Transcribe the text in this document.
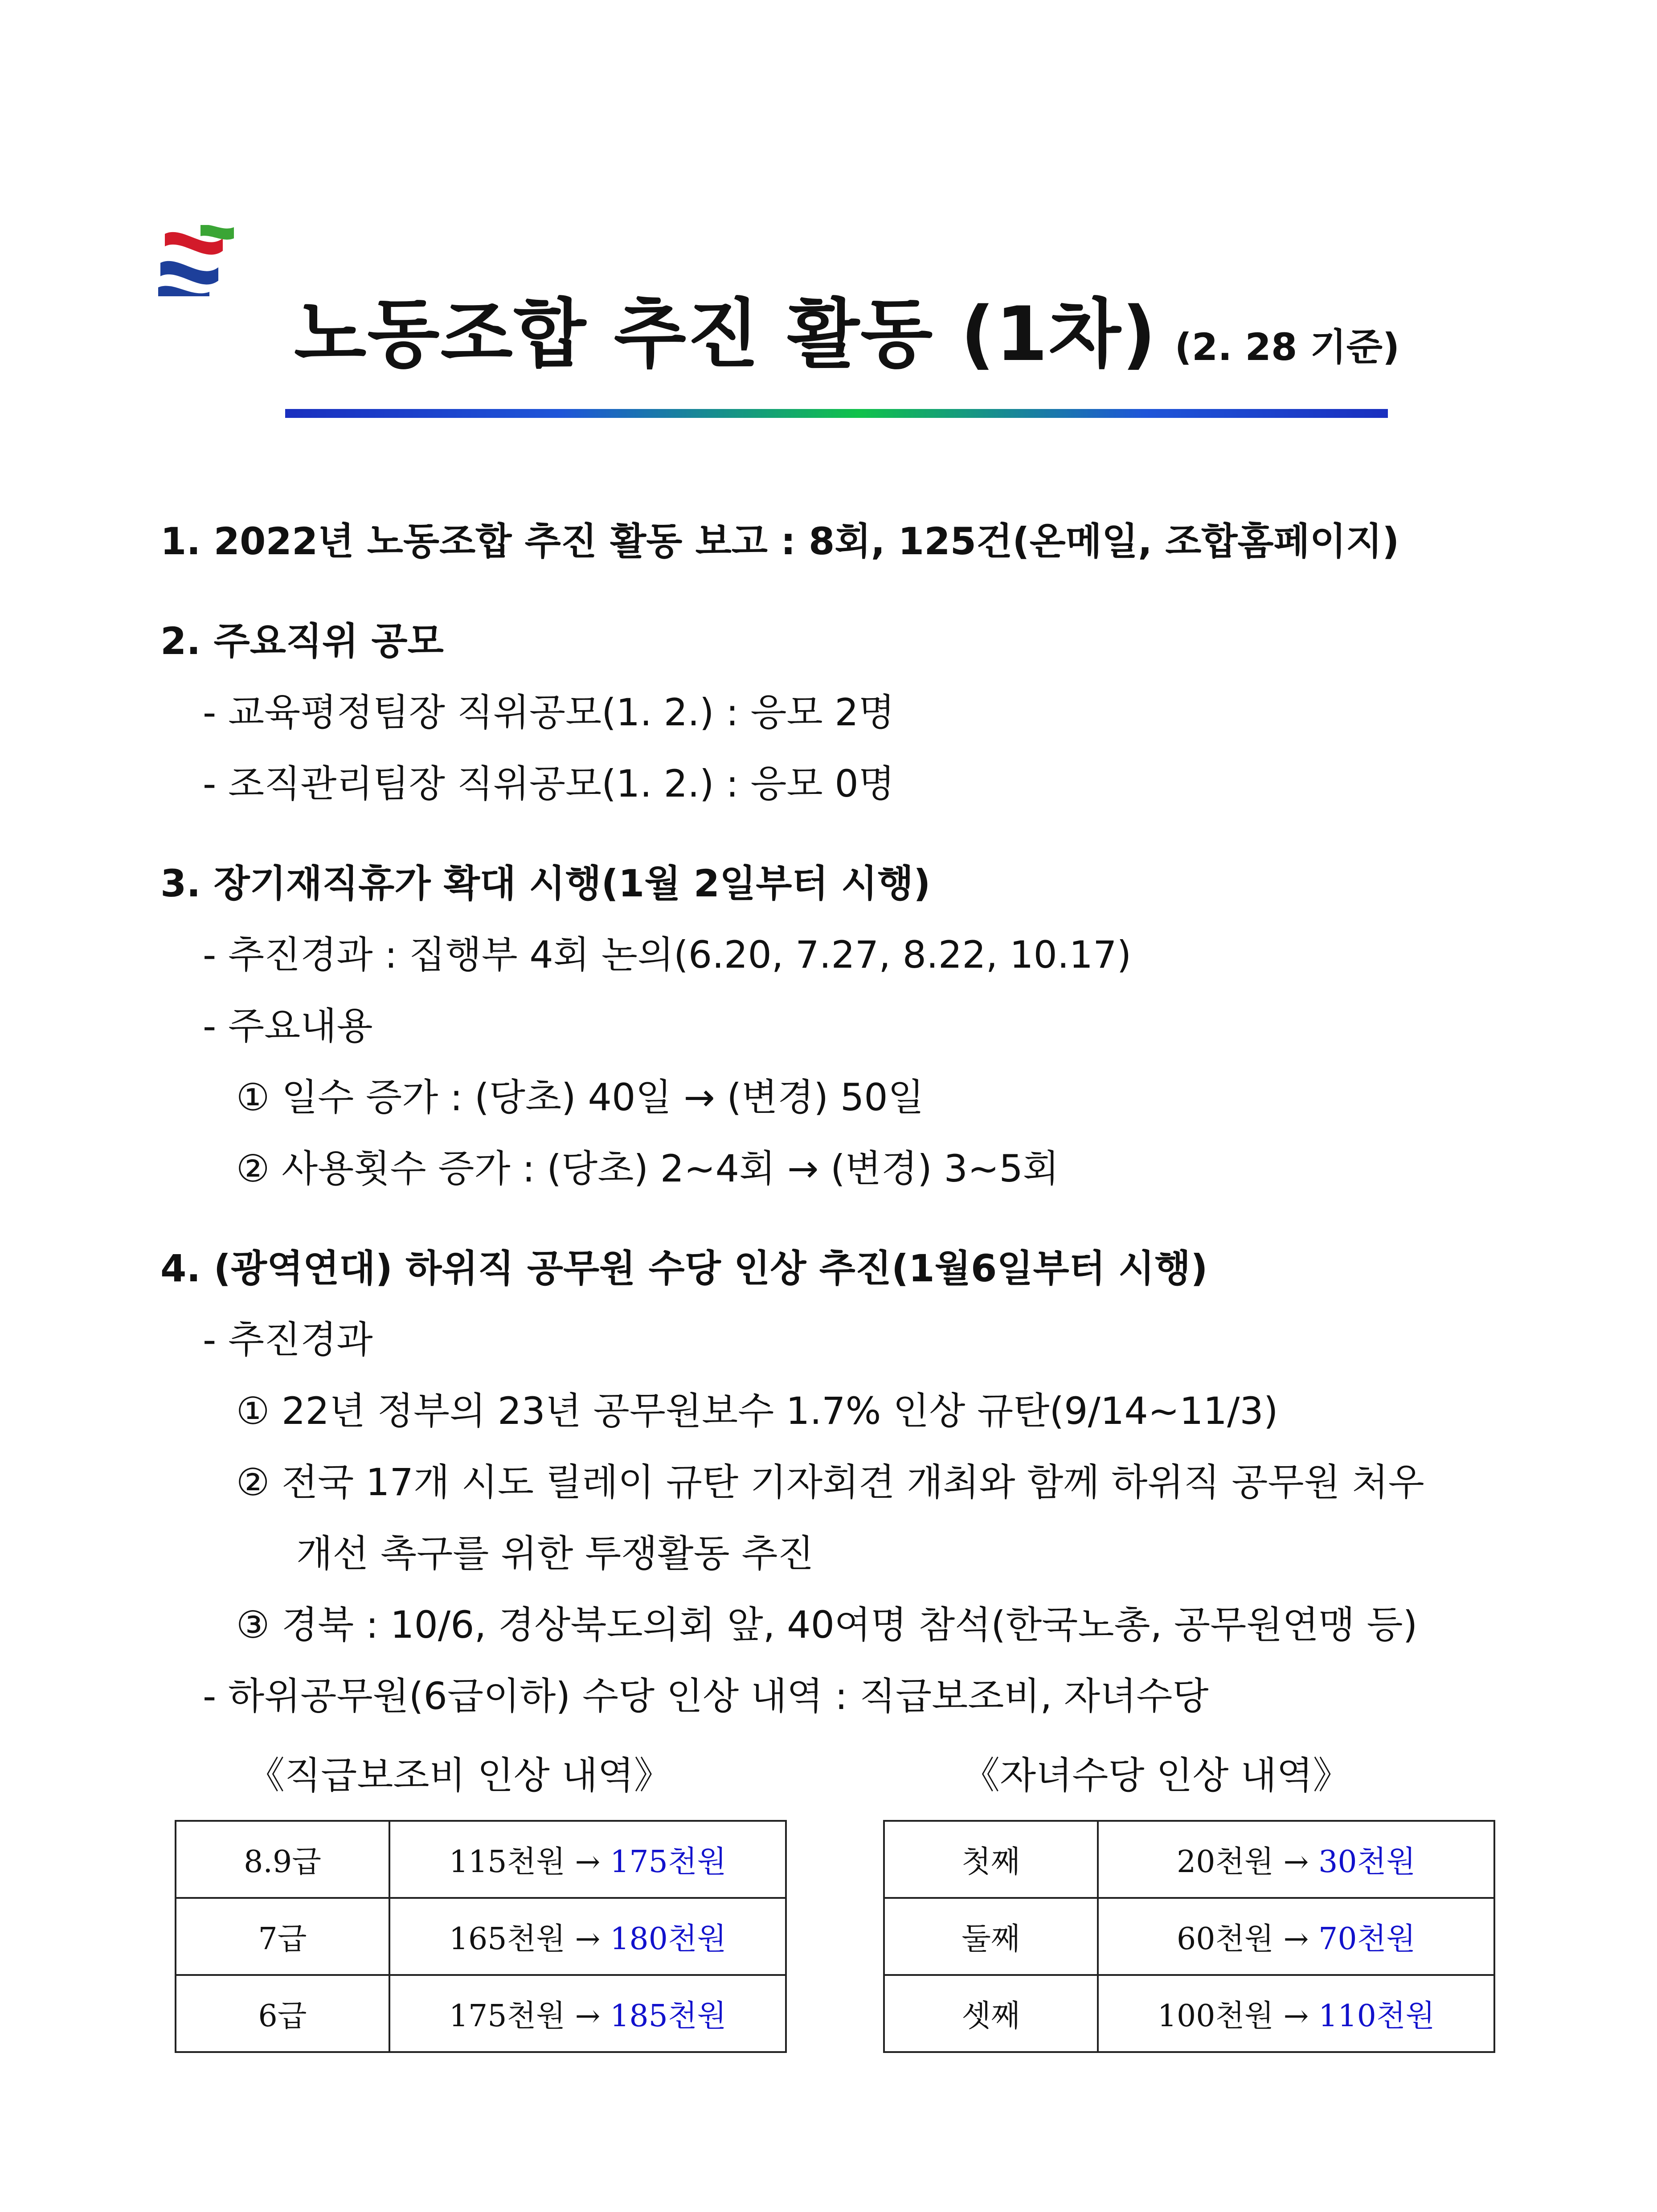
노동조합 추진 활동 (1차) (2. 28 기준)
1. 2022년 노동조합 추진 활동 보고 : 8회, 125건(온메일, 조합홈페이지)
2. 주요직위 공모
- 교육평정팀장 직위공모(1. 2.) : 응모 2명
- 조직관리팀장 직위공모(1. 2.) : 응모 0명
3. 장기재직휴가 확대 시행(1월 2일부터 시행)
- 추진경과 : 집행부 4회 논의(6.20, 7.27, 8.22, 10.17)
- 주요내용
① 일수 증가 : (당초) 40일 → (변경) 50일
② 사용횟수 증가 : (당초) 2~4회 → (변경) 3~5회
4. (광역연대) 하위직 공무원 수당 인상 추진(1월6일부터 시행)
- 추진경과
① 22년 정부의 23년 공무원보수 1.7% 인상 규탄(9/14~11/3)
② 전국 17개 시도 릴레이 규탄 기자회견 개최와 함께 하위직 공무원 처우
개선 촉구를 위한 투쟁활동 추진
③ 경북 : 10/6, 경상북도의회 앞, 40여명 참석(한국노총, 공무원연맹 등)
- 하위공무원(6급이하) 수당 인상 내역 : 직급보조비, 자녀수당
《직급보조비 인상 내역》	《자녀수당 인상 내역》
8.9급	115천원 → 175천원
7급	165천원 → 180천원
6급	175천원 → 185천원
첫째	20천원 → 30천원
둘째	60천원 → 70천원
셋째	100천원 → 110천원
